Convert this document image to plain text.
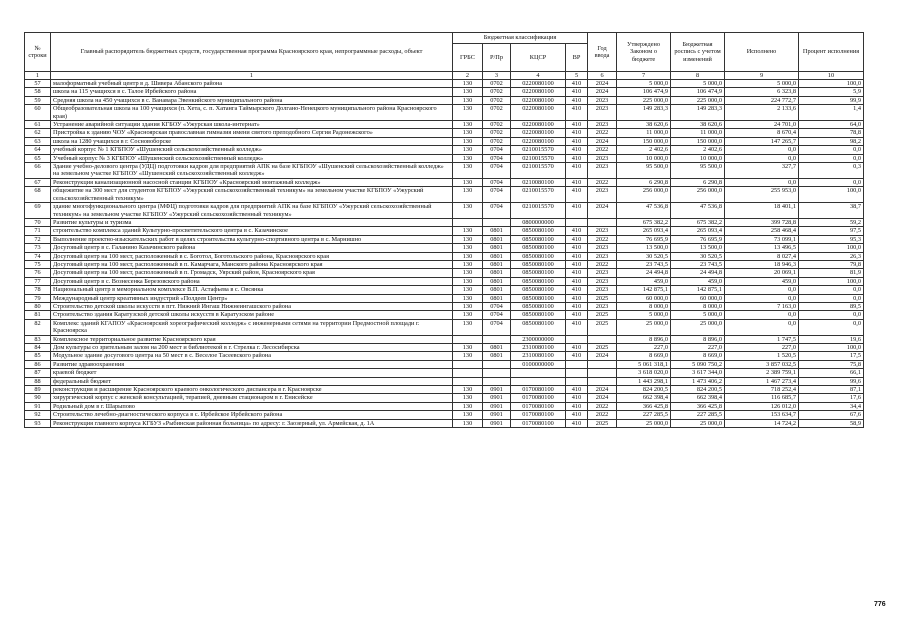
№ строки	Главный распорядитель бюджетных средств, государственная программа Красноярского края, непрограммные расходы, объект	Бюджетная классификация				Год ввода	Утверждено Законом о бюджете	Бюджетная роспись с учетом изменений	Исполнено	Процент исполнения
		ГРБС	Р/Пр	КЦСР	ВР					
1	1	2	3	4	5	6	7	8	9	10
57	малоформатный учебный центр в д. Шивера Абанского района	130	0702	0220080100	410	2024	5 000,0	5 000,0	5 000,0	100,0
58	школа на 115 учащихся в с. Талое Ирбейского района	130	0702	0220080100	410	2024	106 474,9	106 474,9	6 323,8	5,9
59	Средняя школа на 450 учащихся в с. Ванавара Эвенкийского муниципального района	130	0702	0220080100	410	2023	225 000,0	225 000,0	224 772,7	99,9
60	Общеобразовательная школа на 100 учащихся (п. Хета, с. п. Хатанга Таймырского Долгано-Ненецкого муниципального района Красноярского края)	130	0702	0220080100	410	2023	149 283,3	149 283,3	2 133,6	1,4
61	Устранение аварийной ситуации здания КГБОУ «Ужурская школа-интернат»	130	0702	0220080100	410	2023	38 620,6	38 620,6	24 701,0	64,0
62	Пристройка к зданию ЧОУ «Красноярская православная гимназия имени святого преподобного Сергия Радонежского»	130	0702	0220080100	410	2022	11 000,0	11 000,0	8 670,4	78,8
63	школа на 1280 учащихся в г. Сосновоборске	130	0702	0220080100	410	2024	150 000,0	150 000,0	147 265,7	98,2
64	учебный корпус № 1 КГБПОУ «Шушенский сельскохозяйственный колледж»	130	0704	0210015570	410	2022	2 402,6	2 402,6	0,0	0,0
65	Учебный корпус № 3 КГБПОУ «Шушенский сельскохозяйственный колледж»	130	0704	0210015570	410	2023	10 000,0	10 000,0	0,0	0,0
66	Здание учебно-делового центра (УДЦ) подготовки кадров для предприятий АПК на базе КГБПОУ «Шушенский сельскохозяйственный колледж» на земельном участке КГБПОУ «Шушенский сельскохозяйственный колледж»	130	0704	0210015570	410	2023	95 500,0	95 500,0	327,7	0,3
67	Реконструкция канализационной насосной станции КГБПОУ «Красноярский монтажный колледж»	130	0704	0210080100	410	2022	6 290,8	6 290,8	0,0	0,0
68	общежитие на 300 мест для студентов КГБПОУ «Ужурский сельскохозяйственный техникум» на земельном участке КГБПОУ «Ужурский сельскохозяйственный техникум»	130	0704	0210015570	410	2023	256 000,0	256 000,0	255 953,0	100,0
69	здание многофункционального центра (МФЦ) подготовки кадров для предприятий АПК на базе КГБПОУ «Ужурский сельскохозяйственный техникум» на земельном участке КГБПОУ «Ужурский сельскохозяйственный техникум»	130	0704	0210015570	410	2024	47 536,8	47 536,8	18 401,1	38,7
70	Развитие культуры и туризма			0800000000			675 382,2	675 382,2	399 728,8	59,2
71	строительство комплекса зданий Культурно-просветительского центра в с. Казачинское	130	0801	0850080100	410	2023	265 093,4	265 093,4	258 468,4	97,5
72	Выполнение проектно-изыскательских работ в целях строительства культурно-спортивного центра в с. Марнишно	130	0801	0850080100	410	2022	76 695,9	76 695,9	73 099,1	95,3
73	Досуговый центр в с. Галанино Казачинского района	130	0801	0850080100	410	2023	13 500,0	13 500,0	13 496,5	100,0
74	Досуговый центр на 100 мест, расположенный в с. Боготол, Боготольского района, Красноярского края	130	0801	0850080100	410	2023	30 520,5	30 520,5	8 027,4	26,3
75	Досуговый центр на 100 мест, расположенный в п. Камарчага, Манского района Красноярского края	130	0801	0850080100	410	2022	23 743,5	23 743,5	18 946,3	79,8
76	Досуговый центр на 100 мест, расположенный в п. Громадск, Уярский район, Красноярского края	130	0801	0850080100	410	2023	24 494,8	24 494,8	20 069,1	81,9
77	Досуговый центр в с. Вознесенка Березовского района	130	0801	0850080100	410	2023	459,0	459,0	459,0	100,0
78	Национальный центр в мемориальном комплексе В.П. Астафьева в с. Овсянка	130	0801	0850080100	410	2023	142 875,1	142 875,1	0,0	0,0
79	Международный центр креативных индустрий «Полдеев Центр»	130	0801	0850080100	410	2025	60 000,0	60 000,0	0,0	0,0
80	Строительство детской школы искусств в пгт. Нижний Ингаш Нижнеингашского района	130	0704	0850080100	410	2023	8 000,0	8 000,0	7 163,0	89,5
81	Строительство здания Каратузской детской школы искусств в Каратузском районе	130	0704	0850080100	410	2025	5 000,0	5 000,0	0,0	0,0
82	Комплекс зданий КГАПОУ «Красноярский хореографический колледж» с инженерными сетями на территории Предмостной площади г. Красноярска	130	0704	0850080100	410	2025	25 000,0	25 000,0	0,0	0,0
83	Комплексное территориальное развитие Красноярского края			2300000000			8 896,0	8 896,0	1 747,5	19,6
84	Дом культуры со зрительным залом на 200 мест и библиотекой в г. Стрелка г. Лесосибирска	130	0801	2310080100	410	2025	227,0	227,0	227,0	100,0
85	Модульное здание досугового центра на 50 мест в с. Веселое Тасеевского района	130	0801	2310080100	410	2024	8 669,0	8 669,0	1 520,5	17,5
86	Развитие здравоохранения			0100000000			5 061 318,1	5 090 750,2	3 857 032,5	75,8
87	краевой бюджет						3 618 020,0	3 617 344,0	2 389 759,1	66,1
88	федеральный бюджет						1 443 298,1	1 473 406,2	1 467 273,4	99,6
89	реконструкция и расширение Красноярского краевого онкологического диспансера в г. Красноярске	130	0901	0170080100	410	2024	824 200,5	824 200,5	718 252,4	87,1
90	хирургический корпус с женской консультацией, терапией, дневным стационаром в г. Енисейске	130	0901	0170080100	410	2024	662 398,4	662 398,4	116 685,7	17,6
91	Родильный дом в г. Шарыпово	130	0901	0170080100	410	2022	366 425,8	366 425,8	126 012,0	34,4
92	Строительство лечебно-диагностического корпуса в с. Ирбейское Ирбейского района	130	0901	0170080100	410	2022	227 285,5	227 285,5	153 634,7	67,6
93	Реконструкция главного корпуса КГБУЗ «Рыбинская районная больница» по адресу: г. Заозерный, ул. Армейская, д. 1А	130	0901	0170080100	410	2025	25 000,0	25 000,0	14 724,2	58,9
776
